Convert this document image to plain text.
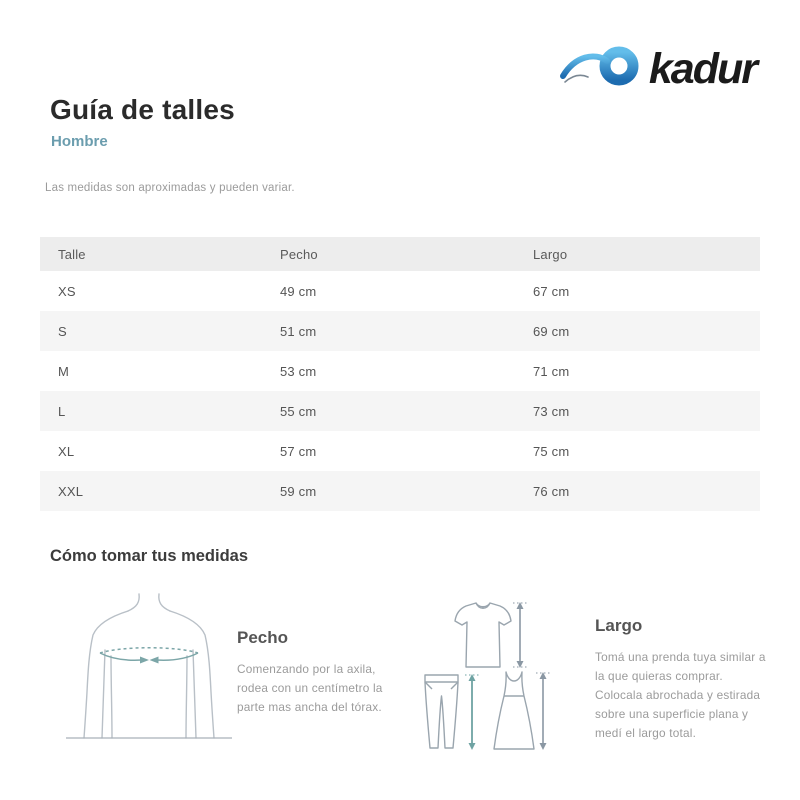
kadur
Guía de talles
Hombre
Las medidas son aproximadas y pueden variar.
Talle	Pecho	Largo
XS	49 cm	67 cm
S	51 cm	69 cm
M	53 cm	71 cm
L	55 cm	73 cm
XL	57 cm	75 cm
XXL	59 cm	76 cm
Cómo tomar tus medidas
Pecho

Comenzando por la axila, rodea con un centímetro la parte mas ancha del tórax.

Largo

Tomá una prenda tuya similar a la que quieras comprar. Colocala abrochada y estirada sobre una superficie plana y medí el largo total.
